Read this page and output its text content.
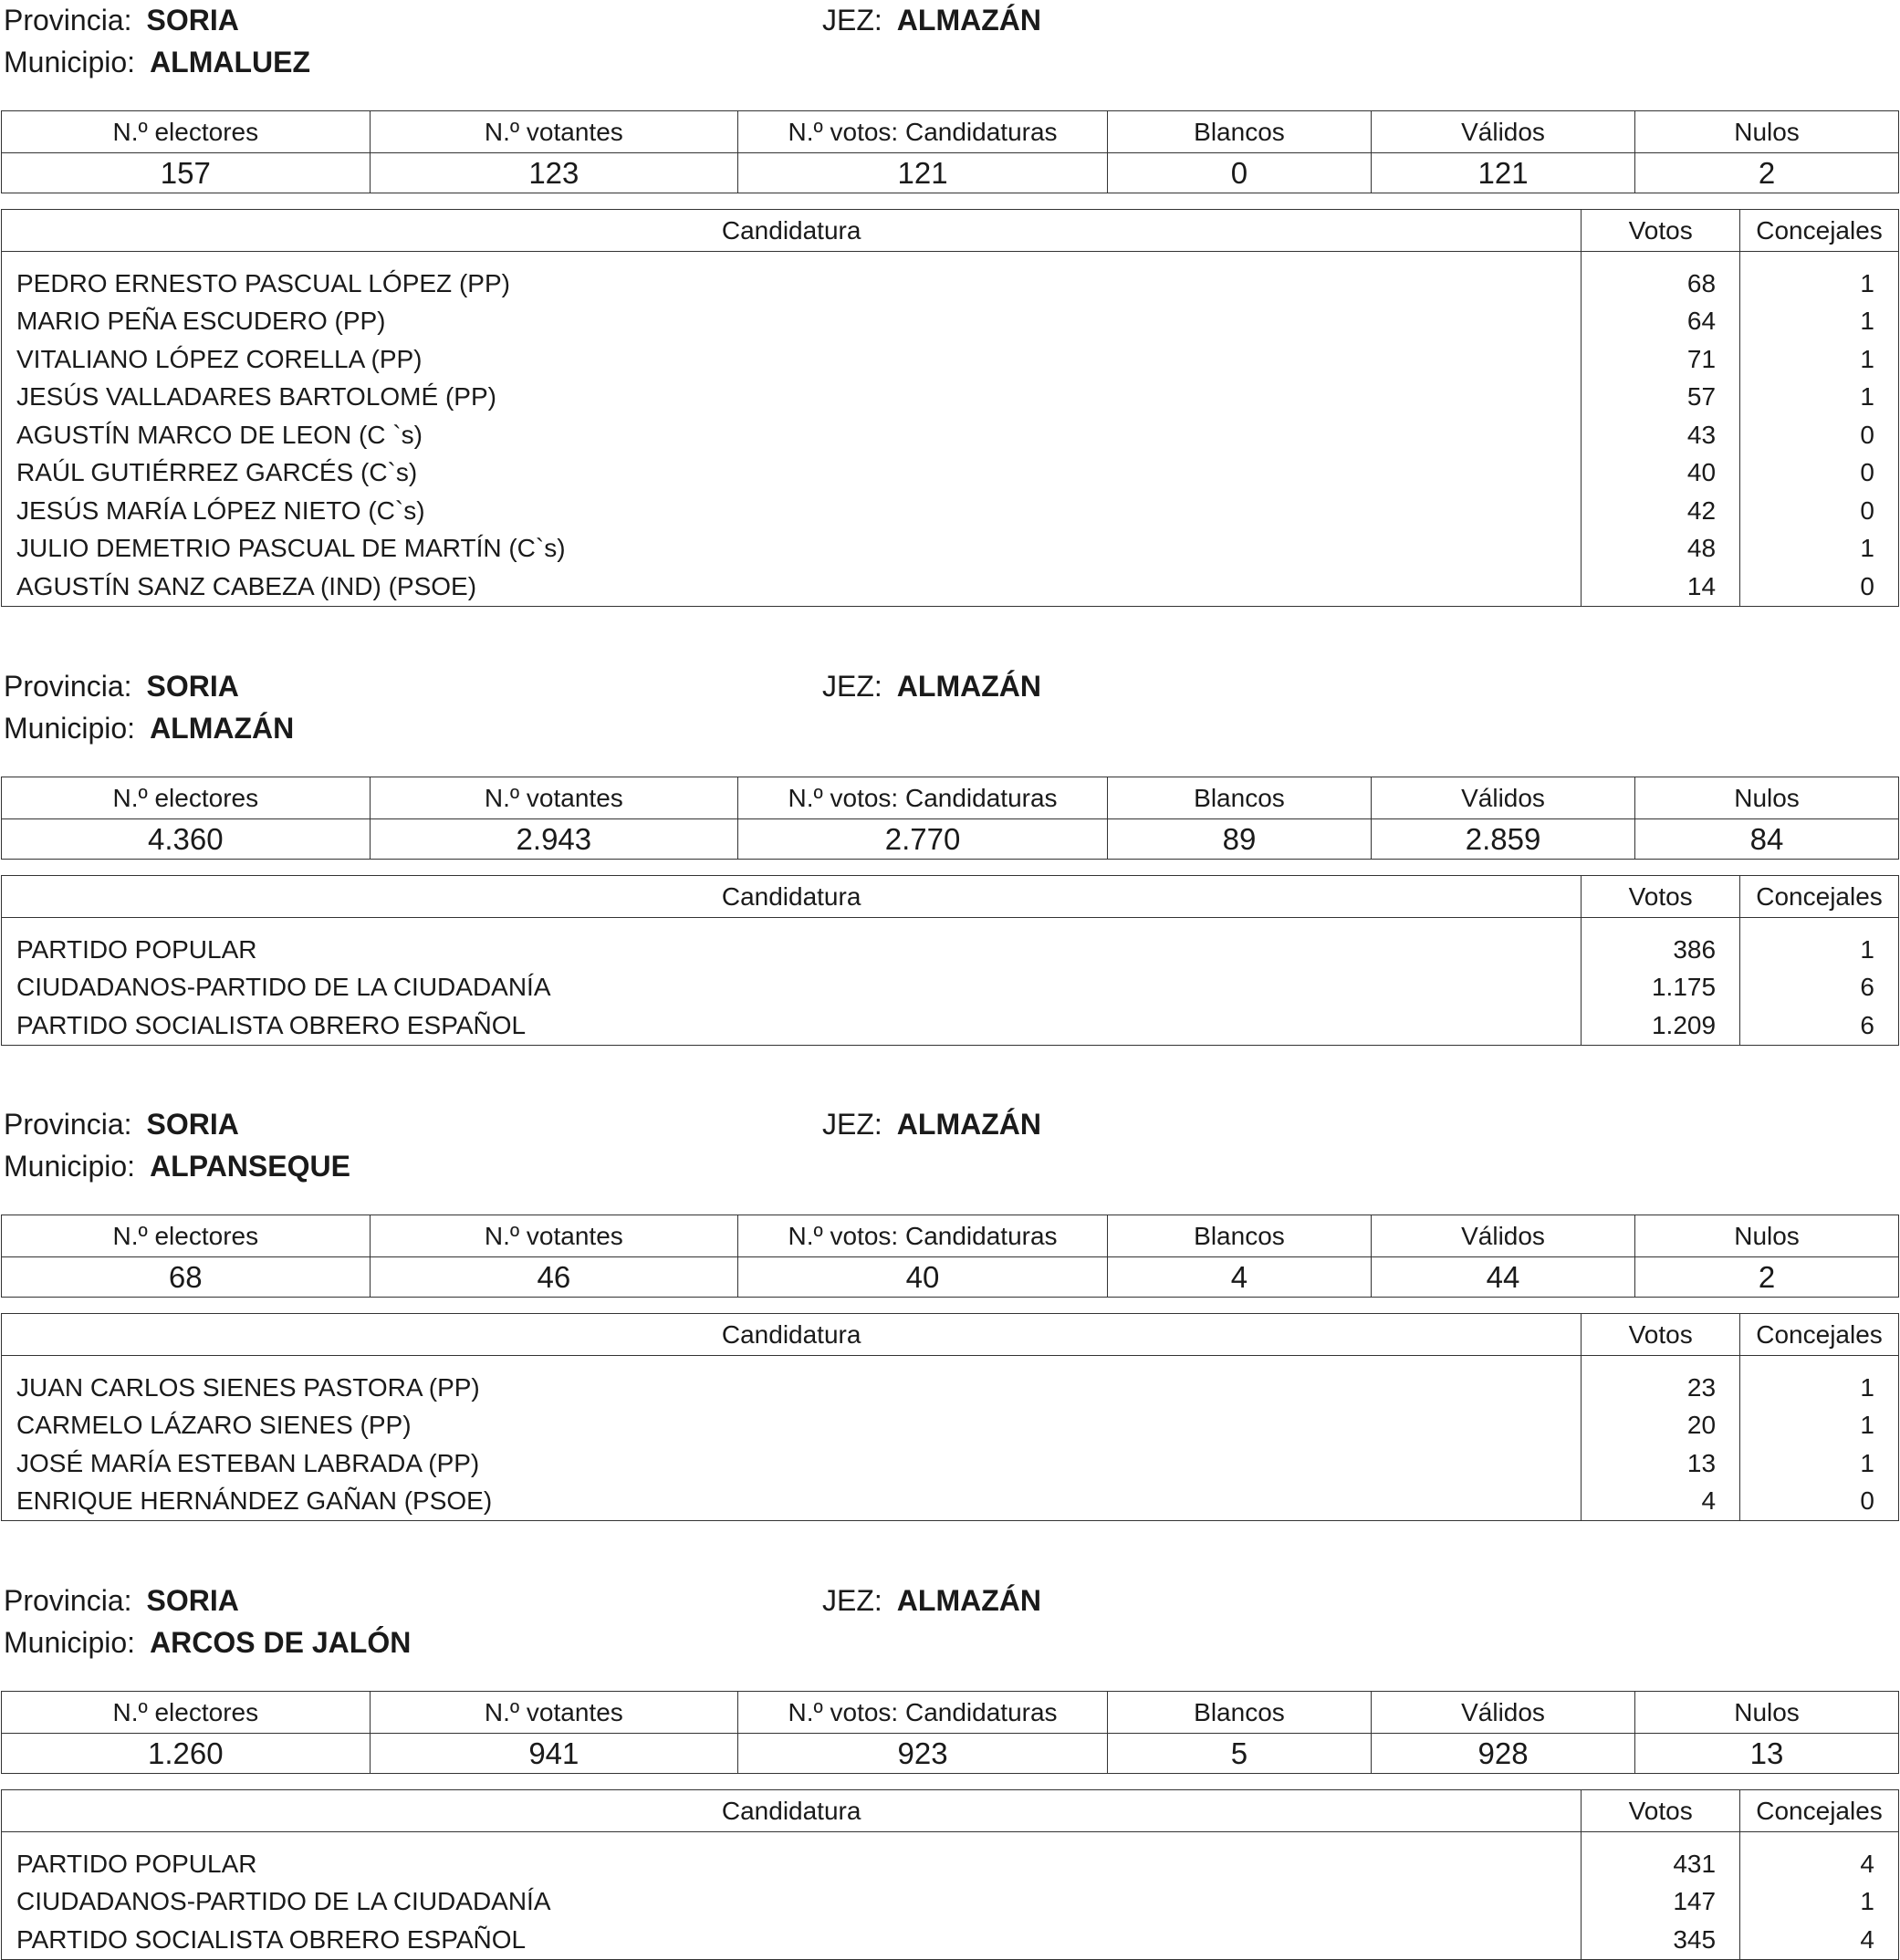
Provincia: SORIA	JEZ: ALMAZÁN
Municipio: ALMALUEZ
N.º electores	N.º votantes	N.º votos: Candidaturas	Blancos	Válidos	Nulos
157	123	121	0	121	2
Candidatura	Votos	Concejales
PEDRO ERNESTO PASCUAL LÓPEZ (PP)	68	1
MARIO PEÑA ESCUDERO (PP)	64	1
VITALIANO LÓPEZ CORELLA (PP)	71	1
JESÚS VALLADARES BARTOLOMÉ (PP)	57	1
AGUSTÍN MARCO DE LEON (C `s)	43	0
RAÚL GUTIÉRREZ GARCÉS (C`s)	40	0
JESÚS MARÍA LÓPEZ NIETO (C`s)	42	0
JULIO DEMETRIO PASCUAL DE MARTÍN (C`s)	48	1
AGUSTÍN SANZ CABEZA (IND) (PSOE)	14	0
Provincia: SORIA	JEZ: ALMAZÁN
Municipio: ALMAZÁN
N.º electores	N.º votantes	N.º votos: Candidaturas	Blancos	Válidos	Nulos
4.360	2.943	2.770	89	2.859	84
Candidatura	Votos	Concejales
PARTIDO POPULAR	386	1
CIUDADANOS-PARTIDO DE LA CIUDADANÍA	1.175	6
PARTIDO SOCIALISTA OBRERO ESPAÑOL	1.209	6
Provincia: SORIA	JEZ: ALMAZÁN
Municipio: ALPANSEQUE
N.º electores	N.º votantes	N.º votos: Candidaturas	Blancos	Válidos	Nulos
68	46	40	4	44	2
Candidatura	Votos	Concejales
JUAN CARLOS SIENES PASTORA (PP)	23	1
CARMELO LÁZARO SIENES (PP)	20	1
JOSÉ MARÍA ESTEBAN LABRADA (PP)	13	1
ENRIQUE HERNÁNDEZ GAÑAN (PSOE)	4	0
Provincia: SORIA	JEZ: ALMAZÁN
Municipio: ARCOS DE JALÓN
N.º electores	N.º votantes	N.º votos: Candidaturas	Blancos	Válidos	Nulos
1.260	941	923	5	928	13
Candidatura	Votos	Concejales
PARTIDO POPULAR	431	4
CIUDADANOS-PARTIDO DE LA CIUDADANÍA	147	1
PARTIDO SOCIALISTA OBRERO ESPAÑOL	345	4
